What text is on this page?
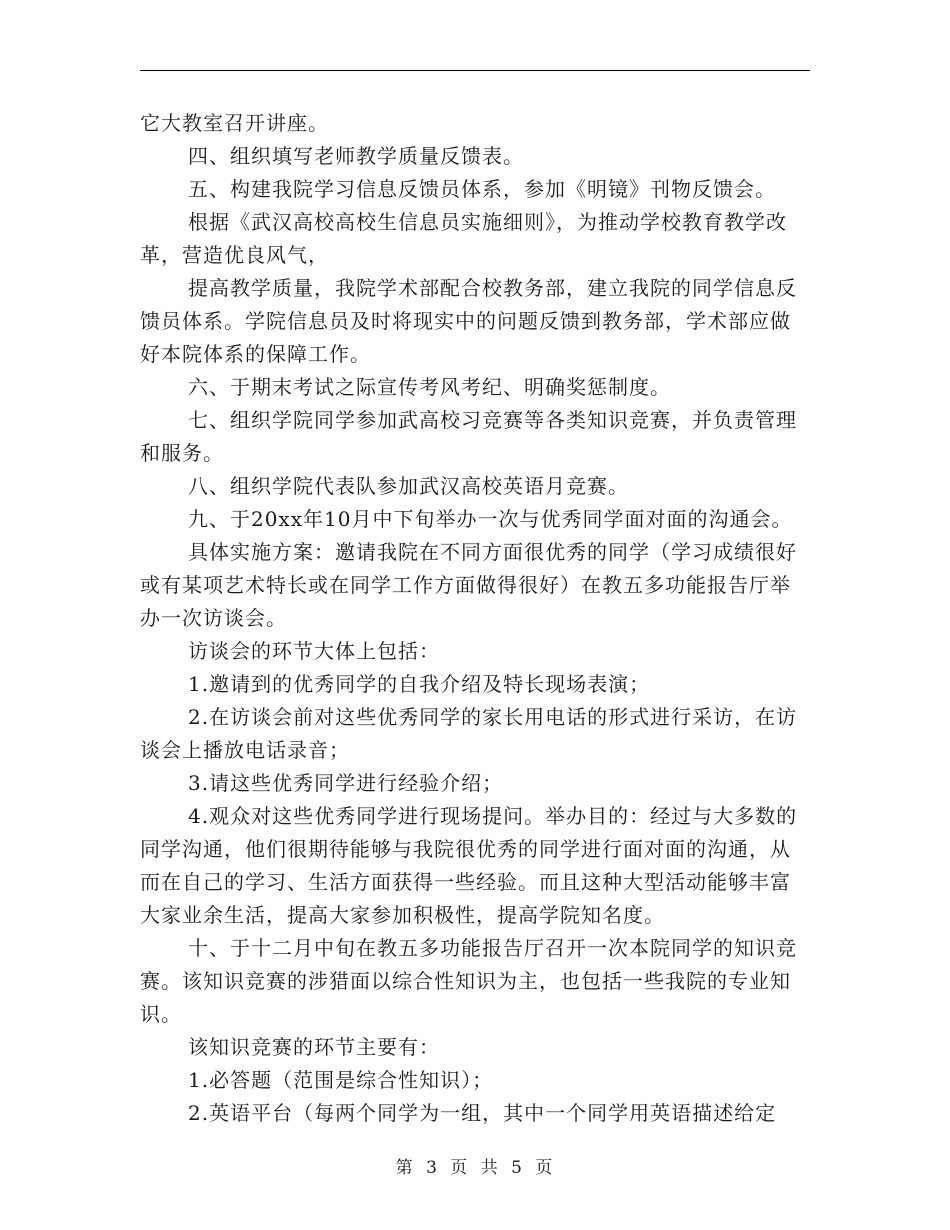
它大教室召开讲座。

四、组织填写老师教学质量反馈表。

五、构建我院学习信息反馈员体系，参加《明镜》刊物反馈会。

根据《武汉高校高校生信息员实施细则》，为推动学校教育教学改革，营造优良风气，

提高教学质量，我院学术部配合校教务部，建立我院的同学信息反馈员体系。学院信息员及时将现实中的问题反馈到教务部，学术部应做好本院体系的保障工作。

六、于期末考试之际宣传考风考纪、明确奖惩制度。

七、组织学院同学参加武高校习竞赛等各类知识竞赛，并负责管理和服务。

八、组织学院代表队参加武汉高校英语月竞赛。

九、于20xx年10月中下旬举办一次与优秀同学面对面的沟通会。

具体实施方案：邀请我院在不同方面很优秀的同学（学习成绩很好或有某项艺术特长或在同学工作方面做得很好）在教五多功能报告厅举办一次访谈会。

访谈会的环节大体上包括：

1.邀请到的优秀同学的自我介绍及特长现场表演；

2.在访谈会前对这些优秀同学的家长用电话的形式进行采访，在访谈会上播放电话录音；

3.请这些优秀同学进行经验介绍；

4.观众对这些优秀同学进行现场提问。举办目的：经过与大多数的同学沟通，他们很期待能够与我院很优秀的同学进行面对面的沟通，从而在自己的学习、生活方面获得一些经验。而且这种大型活动能够丰富大家业余生活，提高大家参加积极性，提高学院知名度。

十、于十二月中旬在教五多功能报告厅召开一次本院同学的知识竞赛。该知识竞赛的涉猎面以综合性知识为主，也包括一些我院的专业知识。

该知识竞赛的环节主要有：

1.必答题（范围是综合性知识）；

2.英语平台（每两个同学为一组，其中一个同学用英语描述给定

第 3 页 共 5 页
